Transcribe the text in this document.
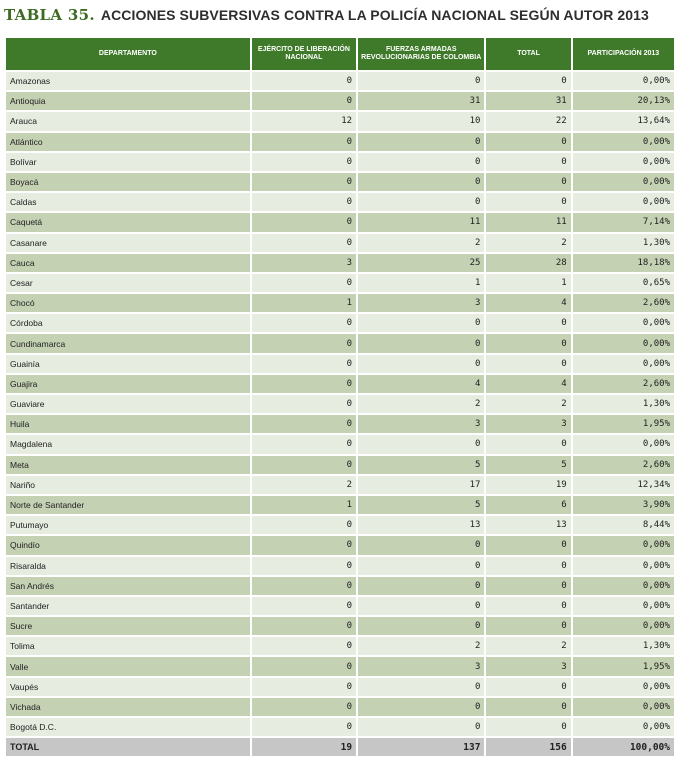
TABLA 35. ACCIONES SUBVERSIVAS CONTRA LA POLICÍA NACIONAL SEGÚN AUTOR 2013
DEPARTAMENTO	EJÉRCITO DE LIBERACIÓN NACIONAL	FUERZAS ARMADAS REVOLUCIONARIAS DE COLOMBIA	TOTAL	PARTICIPACIÓN 2013
Amazonas	0	0	0	0,00%
Antioquia	0	31	31	20,13%
Arauca	12	10	22	13,64%
Atlántico	0	0	0	0,00%
Bolívar	0	0	0	0,00%
Boyacá	0	0	0	0,00%
Caldas	0	0	0	0,00%
Caquetá	0	11	11	7,14%
Casanare	0	2	2	1,30%
Cauca	3	25	28	18,18%
Cesar	0	1	1	0,65%
Chocó	1	3	4	2,60%
Córdoba	0	0	0	0,00%
Cundinamarca	0	0	0	0,00%
Guainía	0	0	0	0,00%
Guajira	0	4	4	2,60%
Guaviare	0	2	2	1,30%
Huila	0	3	3	1,95%
Magdalena	0	0	0	0,00%
Meta	0	5	5	2,60%
Nariño	2	17	19	12,34%
Norte de Santander	1	5	6	3,90%
Putumayo	0	13	13	8,44%
Quindío	0	0	0	0,00%
Risaralda	0	0	0	0,00%
San Andrés	0	0	0	0,00%
Santander	0	0	0	0,00%
Sucre	0	0	0	0,00%
Tolima	0	2	2	1,30%
Valle	0	3	3	1,95%
Vaupés	0	0	0	0,00%
Vichada	0	0	0	0,00%
Bogotá D.C.	0	0	0	0,00%
TOTAL	19	137	156	100,00%
